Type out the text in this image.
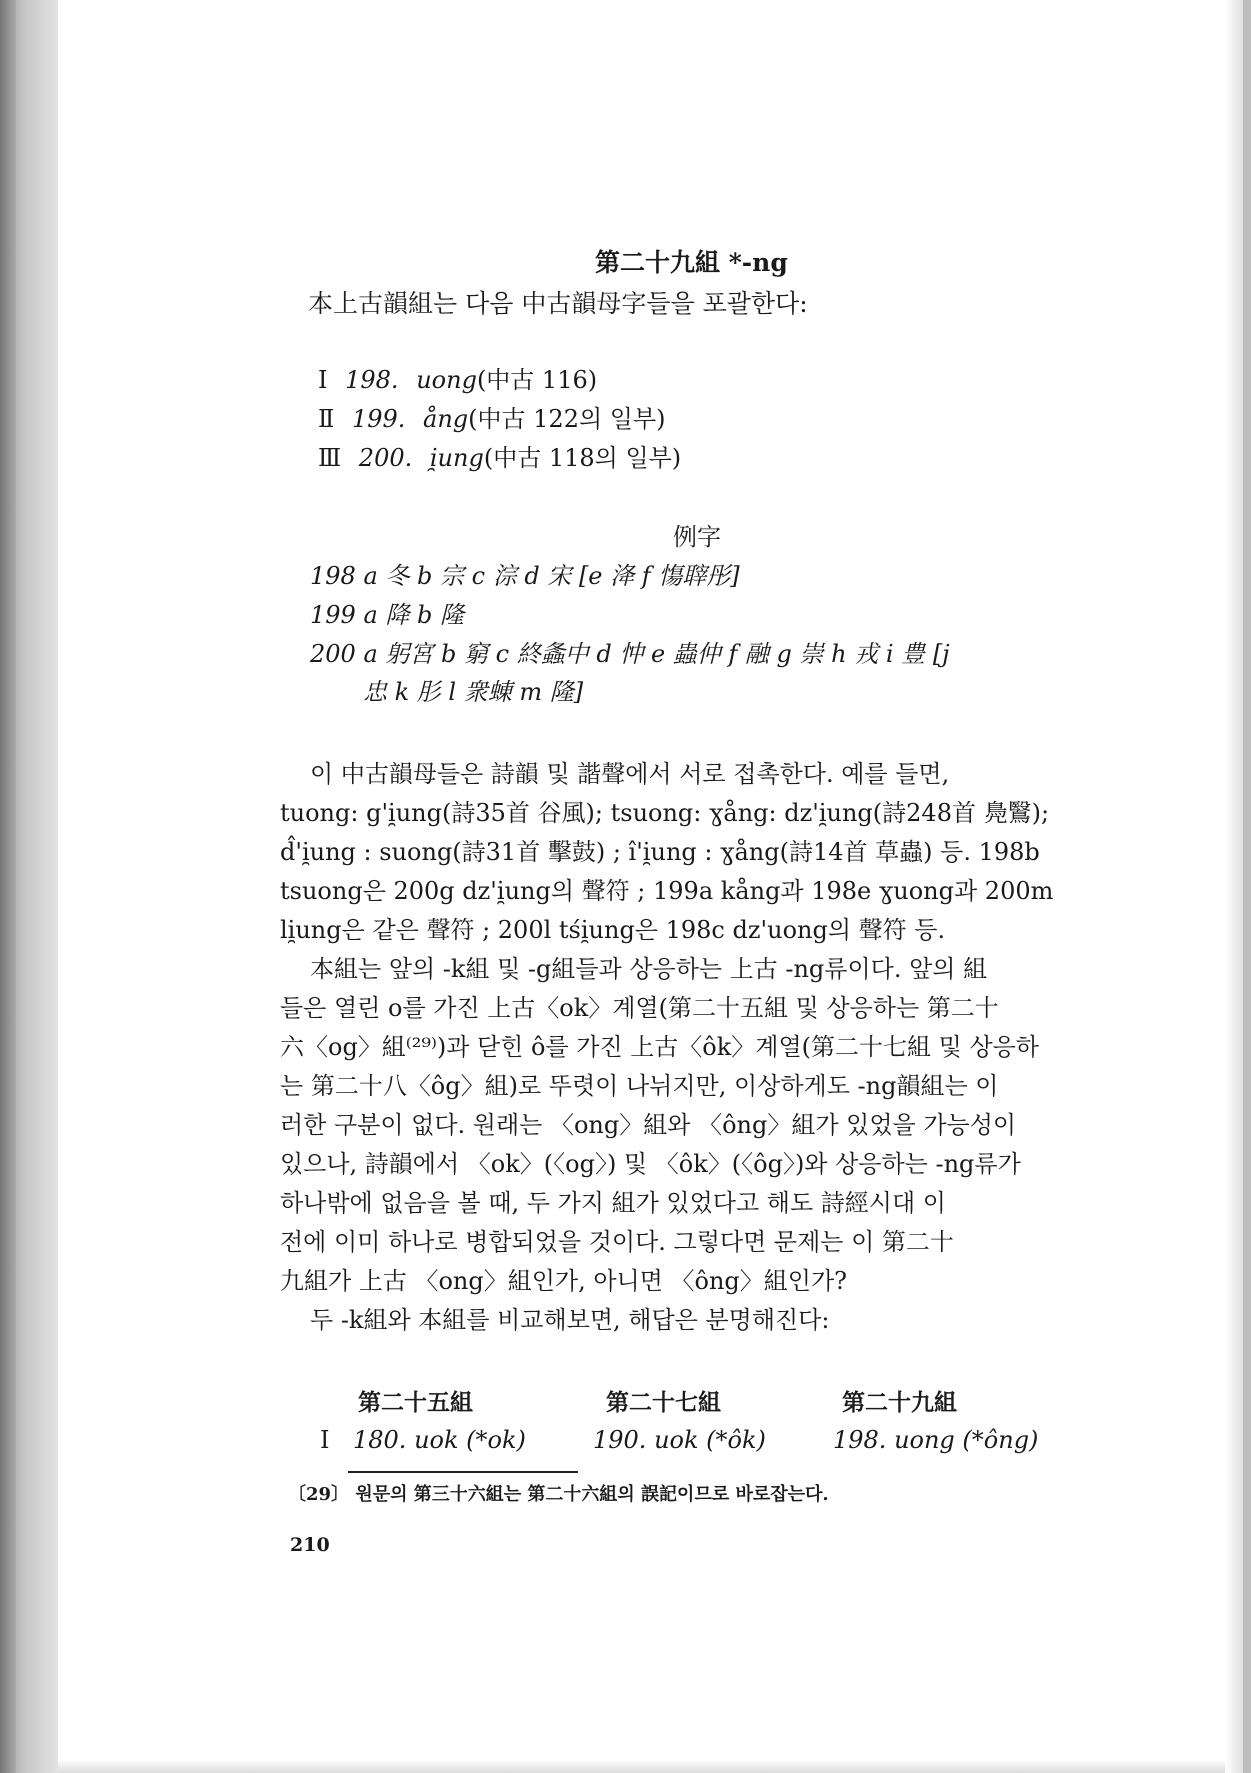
第二十九組 *-ng
本上古韻組는 다음 中古韻母字들을 포괄한다:
Ⅰ 198. uong(中古 116)
Ⅱ 199. ång(中古 122의 일부)
Ⅲ 200. i̯ung(中古 118의 일부)
例字
198 a 冬 b 宗 c 淙 d 宋 [e 洚 f 慯䏁彤]
199 a 降 b 隆
200 a 躬宮 b 窮 c 終螽中 d 忡 e 蟲仲 f 融 g 崇 h 戎 i 豊 [j
忠 k 肜 l 衆蝀 m 隆]
이 中古韻母들은 詩韻 및 諧聲에서 서로 접촉한다. 예를 들면,
tuong: g'i̯ung(詩35首 谷風); tsuong: ɣång: dz'i̯ung(詩248首 鳧鷖);
d̂'i̯ung : suong(詩31首 擊鼓) ; î'i̯ung : ɣång(詩14首 草蟲) 등. 198b
tsuong은 200g dz'i̯ung의 聲符 ; 199a kång과 198e ɣuong과 200m
li̯ung은 같은 聲符 ; 200l tśi̯ung은 198c dz'uong의 聲符 등.
本組는 앞의 -k組 및 -g組들과 상응하는 上古 -ng류이다. 앞의 組
들은 열린 o를 가진 上古〈ok〉계열(第二十五組 및 상응하는 第二十
六〈og〉組⁽²⁹⁾)과 닫힌 ô를 가진 上古〈ôk〉계열(第二十七組 및 상응하
는 第二十八〈ôg〉組)로 뚜렷이 나뉘지만, 이상하게도 -ng韻組는 이
러한 구분이 없다. 원래는 〈ong〉組와 〈ông〉組가 있었을 가능성이
있으나, 詩韻에서 〈ok〉(〈og〉) 및 〈ôk〉(〈ôg〉)와 상응하는 -ng류가
하나밖에 없음을 볼 때, 두 가지 組가 있었다고 해도 詩經시대 이
전에 이미 하나로 병합되었을 것이다. 그렇다면 문제는 이 第二十
九組가 上古 〈ong〉組인가, 아니면 〈ông〉組인가?
두 -k組와 本組를 비교해보면, 해답은 분명해진다:
第二十五組	第二十七組	第二十九組
Ⅰ 180. uok (*ok)	190. uok (*ôk)	198. uong (*ông)
〔29〕 원문의 第三十六組는 第二十六組의 誤記이므로 바로잡는다.
210
